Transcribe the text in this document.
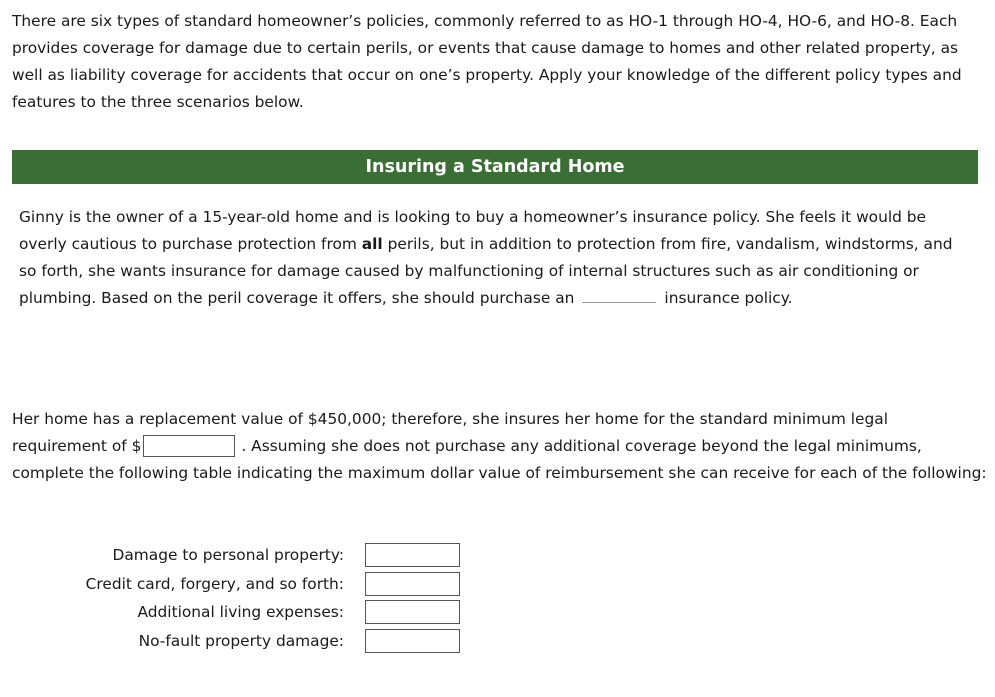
There are six types of standard homeowner’s policies, commonly referred to as HO-1 through HO-4, HO-6, and HO-8. Each provides coverage for damage due to certain perils, or events that cause damage to homes and other related property, as well as liability coverage for accidents that occur on one’s property. Apply your knowledge of the different policy types and features to the three scenarios below.

Insuring a Standard Home

Ginny is the owner of a 15-year-old home and is looking to buy a homeowner’s insurance policy. She feels it would be overly cautious to purchase protection from all perils, but in addition to protection from fire, vandalism, windstorms, and so forth, she wants insurance for damage caused by malfunctioning of internal structures such as air conditioning or plumbing. Based on the peril coverage it offers, she should purchase an	insurance policy.

Her home has a replacement value of $450,000; therefore, she insures her home for the standard minimum legal requirement of $	. Assuming she does not purchase any additional coverage beyond the legal minimums, complete the following table indicating the maximum dollar value of reimbursement she can receive for each of the following:

Damage to personal property:
Credit card, forgery, and so forth:
Additional living expenses:
No-fault property damage:
